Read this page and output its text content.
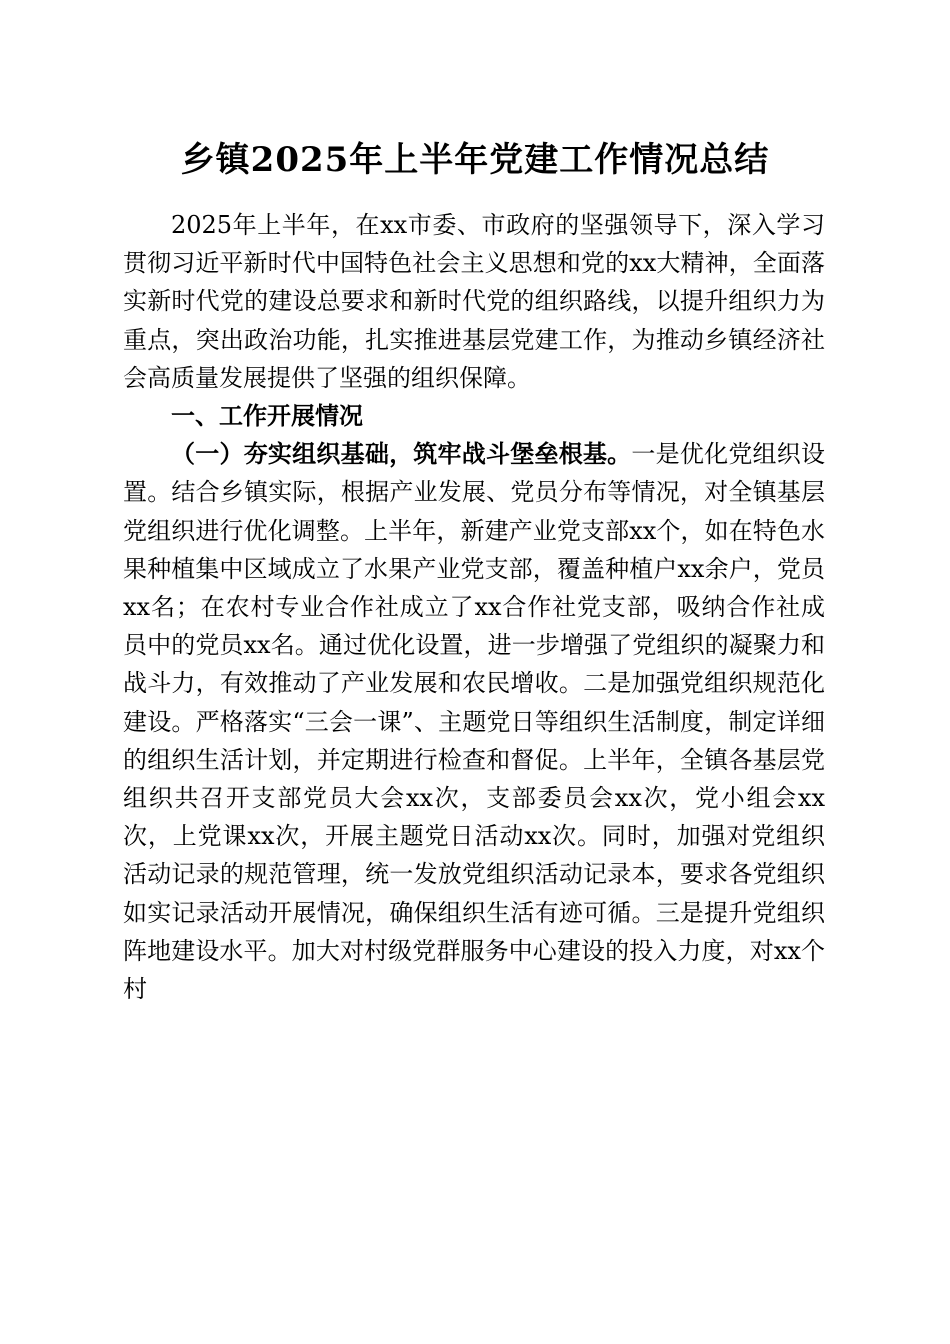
乡镇2025年上半年党建工作情况总结

2025年上半年，在xx市委、市政府的坚强领导下，深入学习贯彻习近平新时代中国特色社会主义思想和党的xx大精神，全面落实新时代党的建设总要求和新时代党的组织路线，以提升组织力为重点，突出政治功能，扎实推进基层党建工作，为推动乡镇经济社会高质量发展提供了坚强的组织保障。

一、工作开展情况

（一）夯实组织基础，筑牢战斗堡垒根基。一是优化党组织设置。结合乡镇实际，根据产业发展、党员分布等情况，对全镇基层党组织进行优化调整。上半年，新建产业党支部xx个，如在特色水果种植集中区域成立了水果产业党支部，覆盖种植户xx余户，党员xx名；在农村专业合作社成立了xx合作社党支部，吸纳合作社成员中的党员xx名。通过优化设置，进一步增强了党组织的凝聚力和战斗力，有效推动了产业发展和农民增收。二是加强党组织规范化建设。严格落实“三会一课”、主题党日等组织生活制度，制定详细的组织生活计划，并定期进行检查和督促。上半年，全镇各基层党组织共召开支部党员大会xx次，支部委员会xx次，党小组会xx次，上党课xx次，开展主题党日活动xx次。同时，加强对党组织活动记录的规范管理，统一发放党组织活动记录本，要求各党组织如实记录活动开展情况，确保组织生活有迹可循。三是提升党组织阵地建设水平。加大对村级党群服务中心建设的投入力度，对xx个村
